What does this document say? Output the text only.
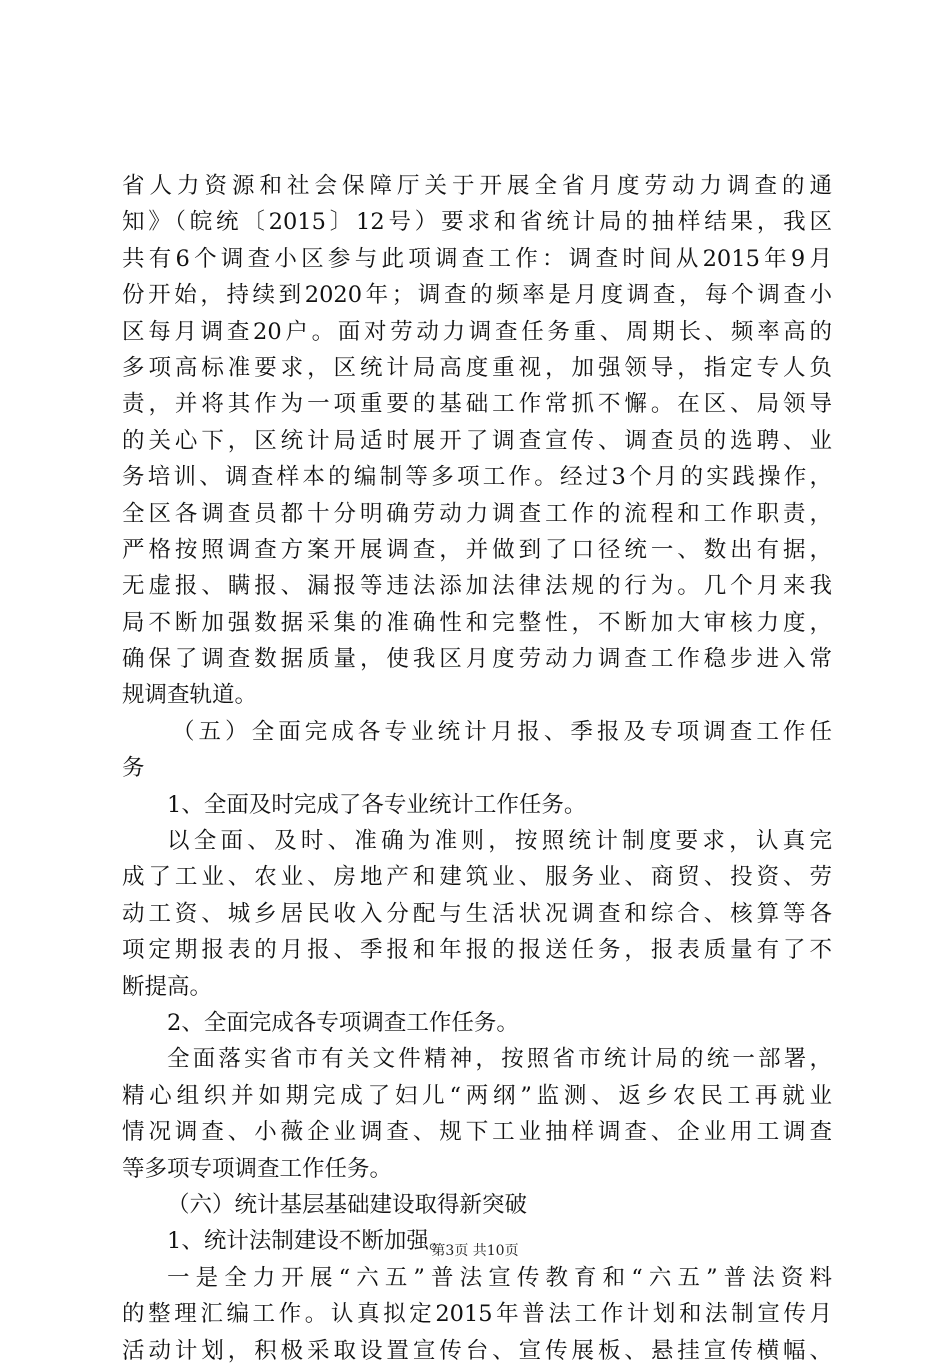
省人力资源和社会保障厅关于开展全省月度劳动力调查的通
知》（皖统〔2015〕12号）要求和省统计局的抽样结果，我区
共有6个调查小区参与此项调查工作：调查时间从2015年9月
份开始，持续到2020年；调查的频率是月度调查，每个调查小
区每月调查20户。面对劳动力调查任务重、周期长、频率高的
多项高标准要求，区统计局高度重视，加强领导，指定专人负
责，并将其作为一项重要的基础工作常抓不懈。在区、局领导
的关心下，区统计局适时展开了调查宣传、调查员的选聘、业
务培训、调查样本的编制等多项工作。经过3个月的实践操作，
全区各调查员都十分明确劳动力调查工作的流程和工作职责，
严格按照调查方案开展调查，并做到了口径统一、数出有据，
无虚报、瞒报、漏报等违法添加法律法规的行为。几个月来我
局不断加强数据采集的准确性和完整性，不断加大审核力度，
确保了调查数据质量，使我区月度劳动力调查工作稳步进入常
规调查轨道。
（五）全面完成各专业统计月报、季报及专项调查工作任
务
1、全面及时完成了各专业统计工作任务。
以全面、及时、准确为准则，按照统计制度要求，认真完
成了工业、农业、房地产和建筑业、服务业、商贸、投资、劳
动工资、城乡居民收入分配与生活状况调查和综合、核算等各
项定期报表的月报、季报和年报的报送任务，报表质量有了不
断提高。
2、全面完成各专项调查工作任务。
全面落实省市有关文件精神，按照省市统计局的统一部署，
精心组织并如期完成了妇儿“两纲”监测、返乡农民工再就业
情况调查、小薇企业调查、规下工业抽样调查、企业用工调查
等多项专项调查工作任务。
（六）统计基层基础建设取得新突破
1、统计法制建设不断加强。
一是全力开展“六五”普法宣传教育和“六五”普法资料
的整理汇编工作。认真拟定2015年普法工作计划和法制宣传月
活动计划，积极采取设置宣传台、宣传展板、悬挂宣传横幅、
第3页 共10页
